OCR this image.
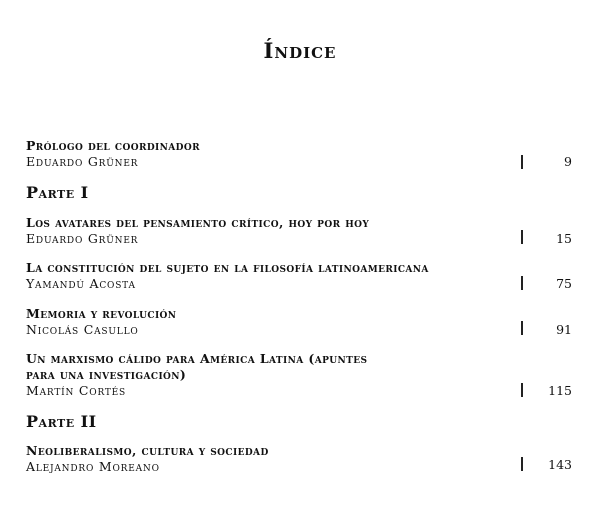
Índice
Prólogo del coordinador
Eduardo Grüner	9
Parte I
Los avatares del pensamiento crítico, hoy por hoy
Eduardo Grüner	15
La constitución del sujeto en la filosofía latinoamericana
Yamandú Acosta	75
Memoria y revolución
Nicolás Casullo	91
Un marxismo cálido para América Latina (apuntes
para una investigación)
Martín Cortés	115
Parte II
Neoliberalismo, cultura y sociedad
Alejandro Moreano	143
